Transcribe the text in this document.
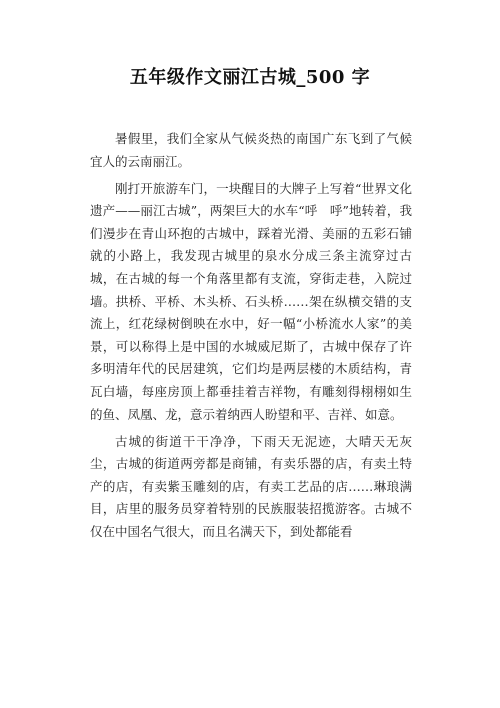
五年级作文丽江古城_500 字

暑假里，我们全家从气候炎热的南国广东飞到了气候宜人的云南丽江。

刚打开旅游车门，一块醒目的大牌子上写着“世界文化遗产——丽江古城”，两架巨大的水车“呼　呼”地转着，我们漫步在青山环抱的古城中，踩着光滑、美丽的五彩石铺就的小路上，我发现古城里的泉水分成三条主流穿过古城，在古城的每一个角落里都有支流，穿街走巷，入院过墙。拱桥、平桥、木头桥、石头桥……架在纵横交错的支流上，红花绿树倒映在水中，好一幅“小桥流水人家”的美景，可以称得上是中国的水城威尼斯了，古城中保存了许多明清年代的民居建筑，它们均是两层楼的木质结构，青瓦白墙，每座房顶上都垂挂着吉祥物，有雕刻得栩栩如生的鱼、凤凰、龙，意示着纳西人盼望和平、吉祥、如意。

古城的街道干干净净，下雨天无泥迹，大晴天无灰尘，古城的街道两旁都是商铺，有卖乐器的店，有卖土特产的店，有卖紫玉雕刻的店，有卖工艺品的店……琳琅满目，店里的服务员穿着特别的民族服装招揽游客。古城不仅在中国名气很大，而且名满天下，到处都能看
